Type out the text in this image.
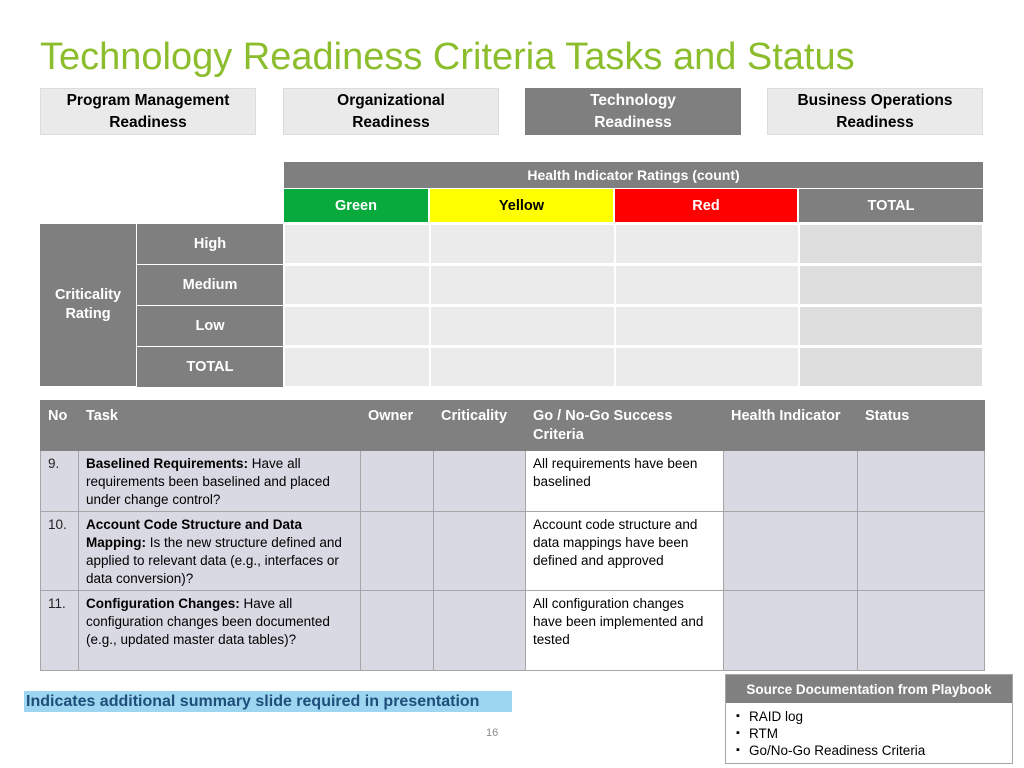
Technology Readiness Criteria Tasks and Status
Program Management
Readiness
Organizational
Readiness
Technology
Readiness
Business Operations
Readiness
Health Indicator Ratings (count)
Green	Yellow	Red	TOTAL
Criticality
Rating
High
Medium
Low
TOTAL
No	Task	Owner	Criticality	Go / No-Go Success Criteria	Health Indicator	Status
9.	Baselined Requirements: Have all requirements been baselined and placed under change control?			All requirements have been baselined		
10.	Account Code Structure and Data Mapping: Is the new structure defined and applied to relevant data (e.g., interfaces or data conversion)?			Account code structure and data mappings have been defined and approved		
11.	Configuration Changes: Have all configuration changes been documented (e.g., updated master data tables)?			All configuration changes have been implemented and tested		
Indicates additional summary slide required in presentation
16
Source Documentation from Playbook
▪ RAID log
▪ RTM
▪ Go/No-Go Readiness Criteria
